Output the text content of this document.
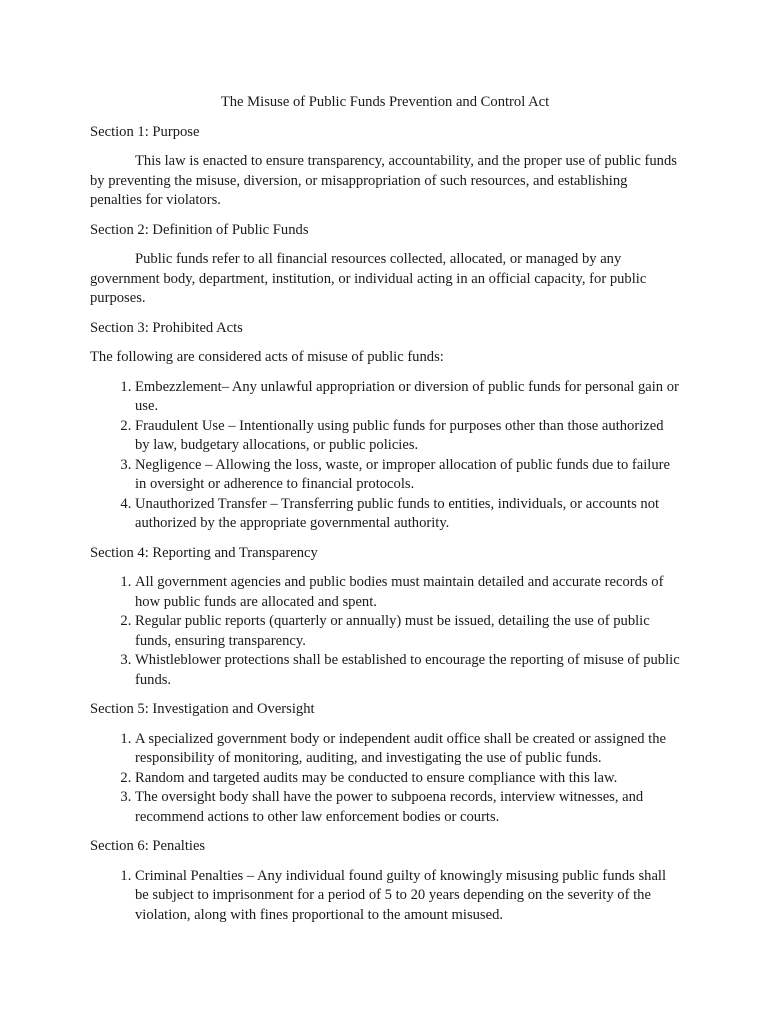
The Misuse of Public Funds Prevention and Control Act

Section 1: Purpose

This law is enacted to ensure transparency, accountability, and the proper use of public funds by preventing the misuse, diversion, or misappropriation of such resources, and establishing penalties for violators.

Section 2: Definition of Public Funds

Public funds refer to all financial resources collected, allocated, or managed by any government body, department, institution, or individual acting in an official capacity, for public purposes.

Section 3: Prohibited Acts

The following are considered acts of misuse of public funds:

1. Embezzlement– Any unlawful appropriation or diversion of public funds for personal gain or use.
2. Fraudulent Use – Intentionally using public funds for purposes other than those authorized by law, budgetary allocations, or public policies.
3. Negligence – Allowing the loss, waste, or improper allocation of public funds due to failure in oversight or adherence to financial protocols.
4. Unauthorized Transfer – Transferring public funds to entities, individuals, or accounts not authorized by the appropriate governmental authority.

Section 4: Reporting and Transparency

1. All government agencies and public bodies must maintain detailed and accurate records of how public funds are allocated and spent.
2. Regular public reports (quarterly or annually) must be issued, detailing the use of public funds, ensuring transparency.
3. Whistleblower protections shall be established to encourage the reporting of misuse of public funds.

Section 5: Investigation and Oversight

1. A specialized government body or independent audit office shall be created or assigned the responsibility of monitoring, auditing, and investigating the use of public funds.
2. Random and targeted audits may be conducted to ensure compliance with this law.
3. The oversight body shall have the power to subpoena records, interview witnesses, and recommend actions to other law enforcement bodies or courts.

Section 6: Penalties

1. Criminal Penalties – Any individual found guilty of knowingly misusing public funds shall be subject to imprisonment for a period of 5 to 20 years depending on the severity of the violation, along with fines proportional to the amount misused.
